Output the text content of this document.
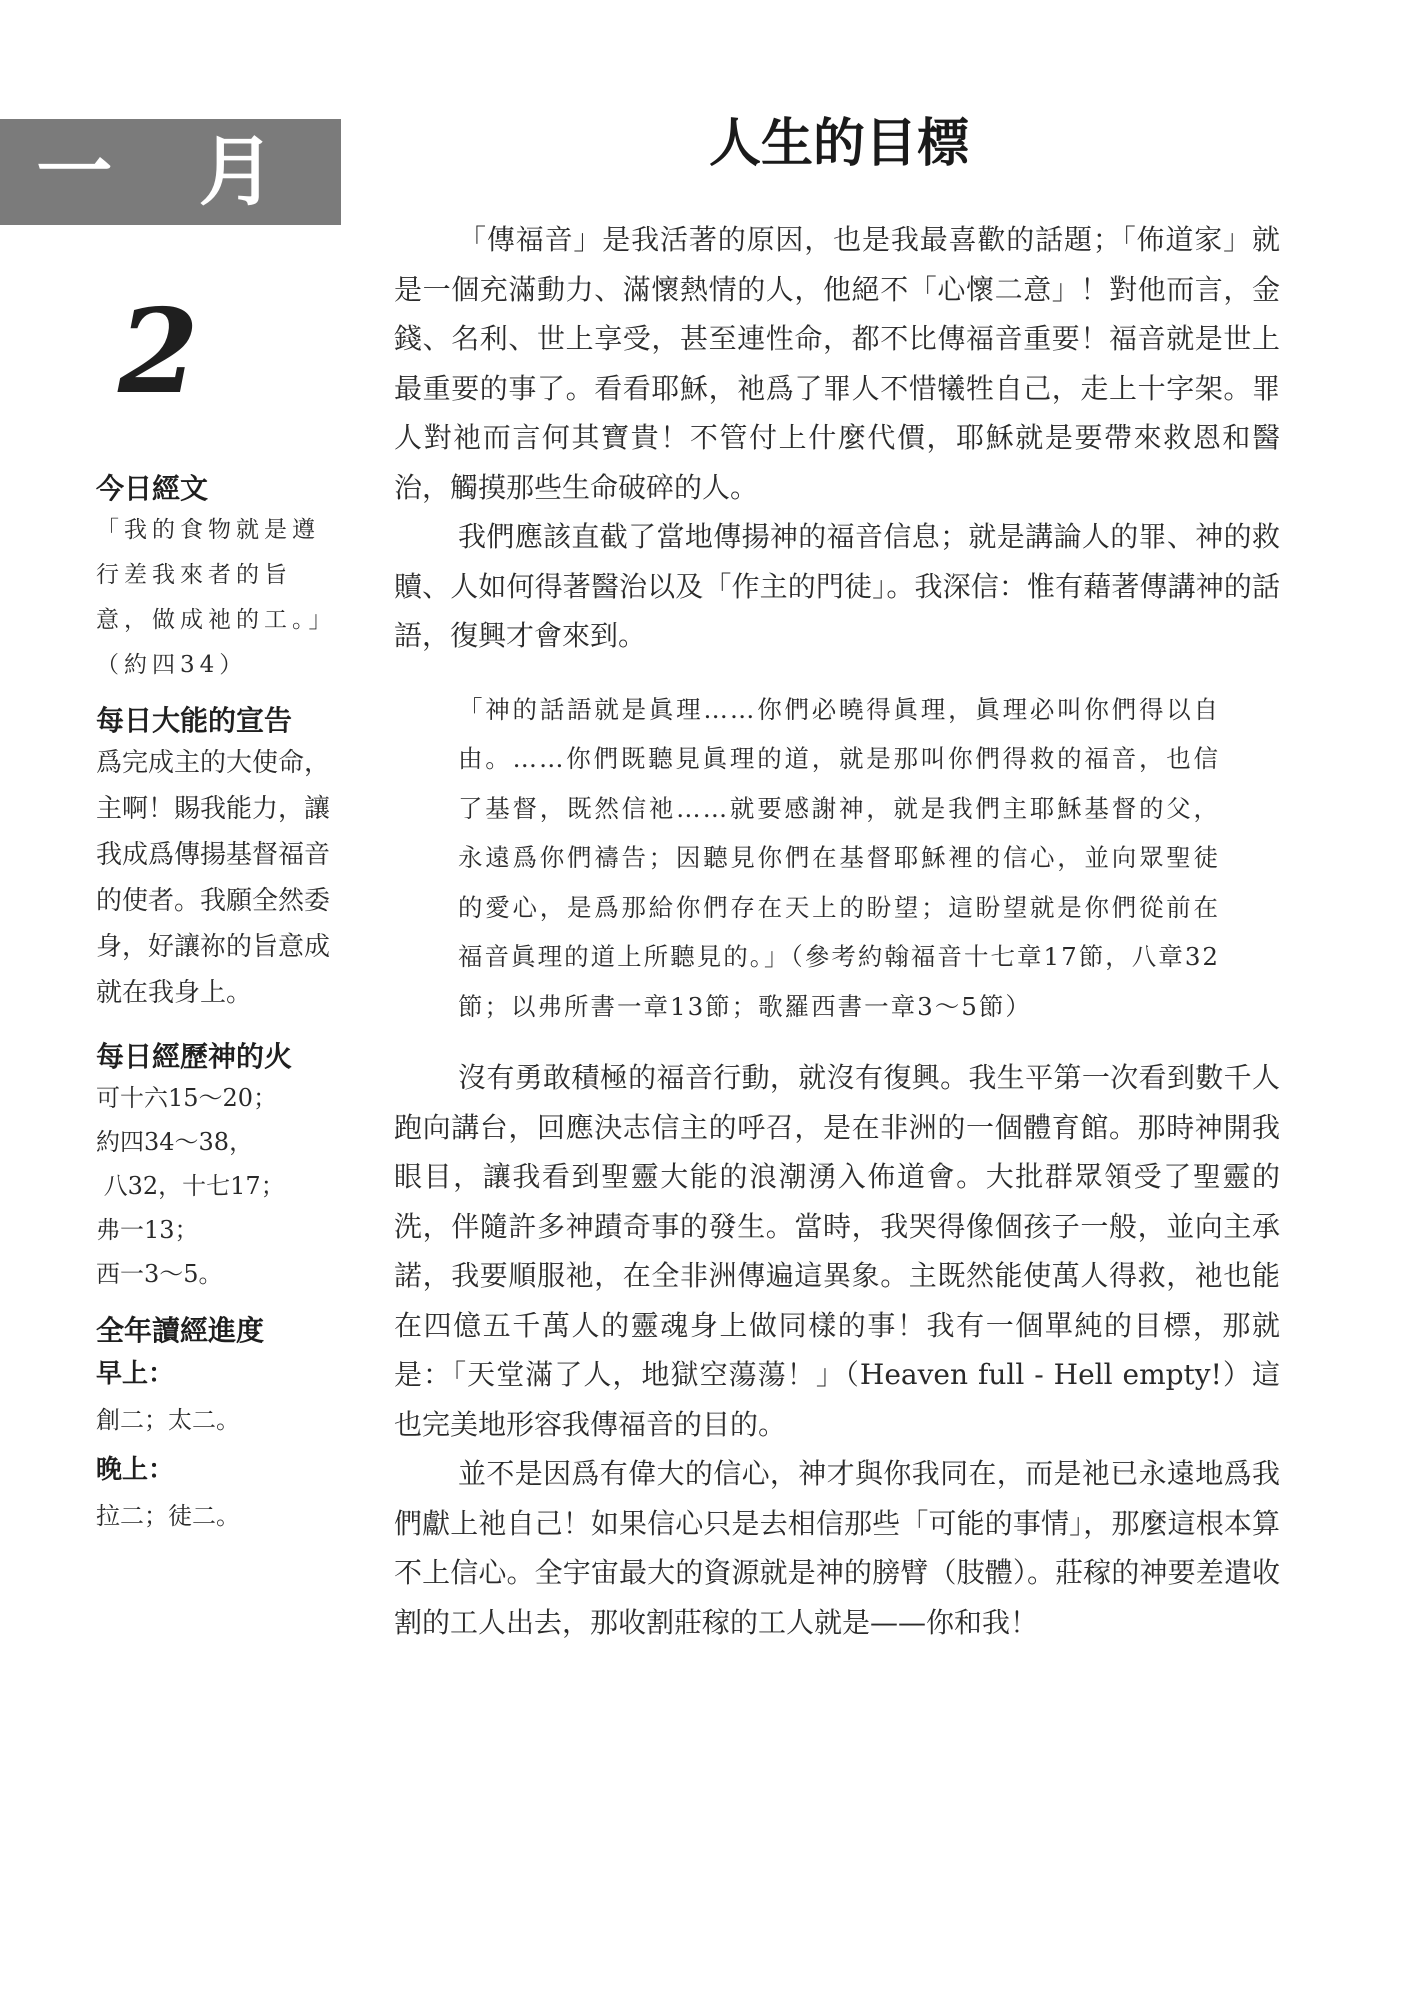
一 月
2
今日經文

「我的食物就是遵行差我來者的旨意，做成祂的工。」（約四34）

每日大能的宣告

爲完成主的大使命，主啊！賜我能力，讓我成爲傳揚基督福音的使者。我願全然委身，好讓祢的旨意成就在我身上。

每日經歷神的火

可十六15～20；
約四34～38，
八32，十七17；
弗一13；
西一3～5。

全年讀經進度

早上：

創二；太二。

晚上：

拉二；徒二。

人生的目標

「傳福音」是我活著的原因，也是我最喜歡的話題；「佈道家」就是一個充滿動力、滿懷熱情的人，他絕不「心懷二意」！對他而言，金錢、名利、世上享受，甚至連性命，都不比傳福音重要！福音就是世上最重要的事了。看看耶穌，祂爲了罪人不惜犧牲自己，走上十字架。罪人對祂而言何其寶貴！不管付上什麼代價，耶穌就是要帶來救恩和醫治，觸摸那些生命破碎的人。

我們應該直截了當地傳揚神的福音信息；就是講論人的罪、神的救贖、人如何得著醫治以及「作主的門徒」。我深信：惟有藉著傳講神的話語，復興才會來到。

「神的話語就是眞理……你們必曉得眞理，眞理必叫你們得以自由。……你們既聽見眞理的道，就是那叫你們得救的福音，也信了基督，既然信祂……就要感謝神，就是我們主耶穌基督的父，永遠爲你們禱告；因聽見你們在基督耶穌裡的信心，並向眾聖徒的愛心，是爲那給你們存在天上的盼望；這盼望就是你們從前在福音眞理的道上所聽見的。」（參考約翰福音十七章17節，八章32節；以弗所書一章13節；歌羅西書一章3～5節）

沒有勇敢積極的福音行動，就沒有復興。我生平第一次看到數千人跑向講台，回應決志信主的呼召，是在非洲的一個體育館。那時神開我眼目，讓我看到聖靈大能的浪潮湧入佈道會。大批群眾領受了聖靈的洗，伴隨許多神蹟奇事的發生。當時，我哭得像個孩子一般，並向主承諾，我要順服祂，在全非洲傳遍這異象。主既然能使萬人得救，祂也能在四億五千萬人的靈魂身上做同樣的事！我有一個單純的目標，那就是：「天堂滿了人，地獄空蕩蕩！」（Heaven full - Hell empty!）這也完美地形容我傳福音的目的。

並不是因爲有偉大的信心，神才與你我同在，而是祂已永遠地爲我們獻上祂自己！如果信心只是去相信那些「可能的事情」，那麼這根本算不上信心。全宇宙最大的資源就是神的膀臂（肢體）。莊稼的神要差遣收割的工人出去，那收割莊稼的工人就是——你和我！
